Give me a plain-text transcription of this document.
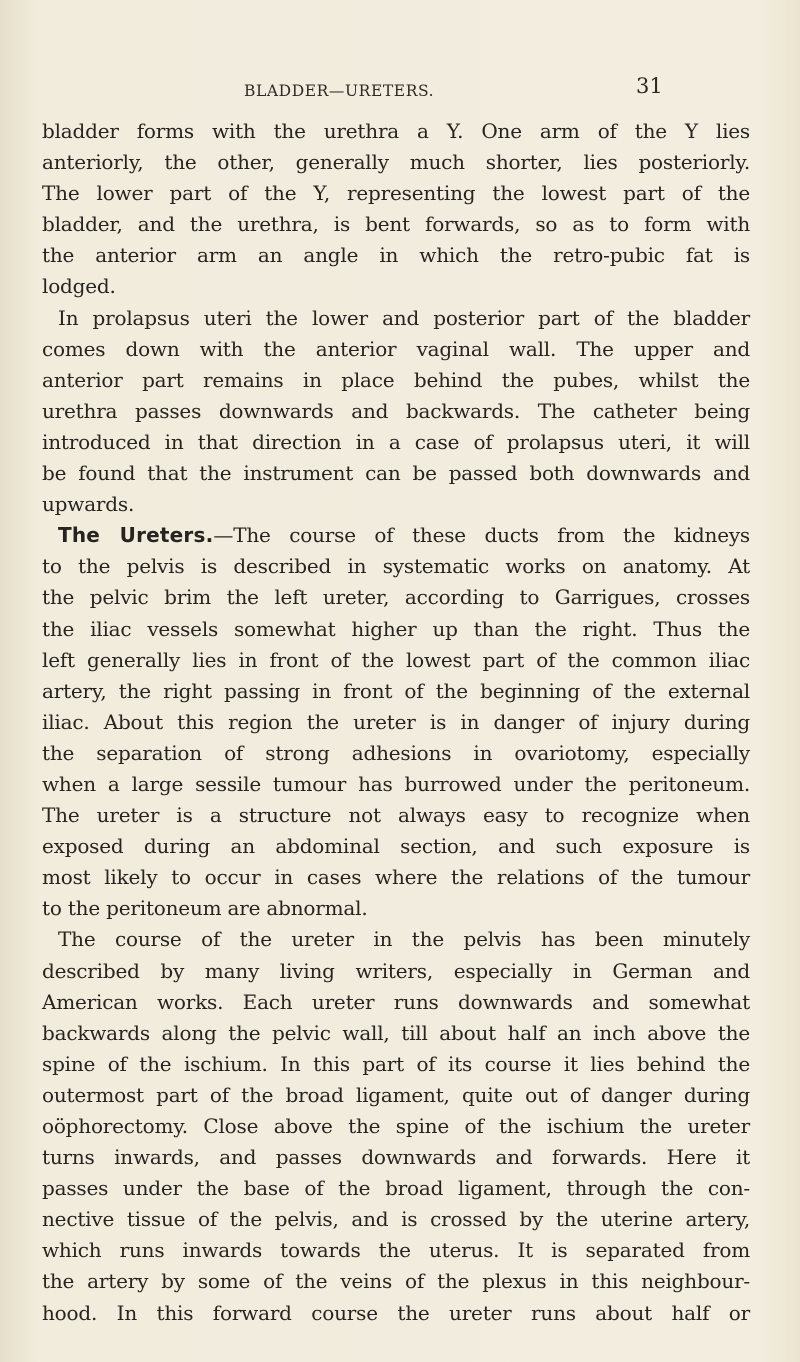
BLADDER—URETERS.	31
bladder forms with the urethra a Y. One arm of the Y lies
anteriorly, the other, generally much shorter, lies posteriorly.
The lower part of the Y, representing the lowest part of the
bladder, and the urethra, is bent forwards, so as to form with
the anterior arm an angle in which the retro-pubic fat is
lodged.
In prolapsus uteri the lower and posterior part of the bladder
comes down with the anterior vaginal wall. The upper and
anterior part remains in place behind the pubes, whilst the
urethra passes downwards and backwards. The catheter being
introduced in that direction in a case of prolapsus uteri, it will
be found that the instrument can be passed both downwards and
upwards.
The Ureters.—The course of these ducts from the kidneys
to the pelvis is described in systematic works on anatomy. At
the pelvic brim the left ureter, according to Garrigues, crosses
the iliac vessels somewhat higher up than the right. Thus the
left generally lies in front of the lowest part of the common iliac
artery, the right passing in front of the beginning of the external
iliac. About this region the ureter is in danger of injury during
the separation of strong adhesions in ovariotomy, especially
when a large sessile tumour has burrowed under the peritoneum.
The ureter is a structure not always easy to recognize when
exposed during an abdominal section, and such exposure is
most likely to occur in cases where the relations of the tumour
to the peritoneum are abnormal.
The course of the ureter in the pelvis has been minutely
described by many living writers, especially in German and
American works. Each ureter runs downwards and somewhat
backwards along the pelvic wall, till about half an inch above the
spine of the ischium. In this part of its course it lies behind the
outermost part of the broad ligament, quite out of danger during
oöphorectomy. Close above the spine of the ischium the ureter
turns inwards, and passes downwards and forwards. Here it
passes under the base of the broad ligament, through the con-
nective tissue of the pelvis, and is crossed by the uterine artery,
which runs inwards towards the uterus. It is separated from
the artery by some of the veins of the plexus in this neighbour-
hood. In this forward course the ureter runs about half or
